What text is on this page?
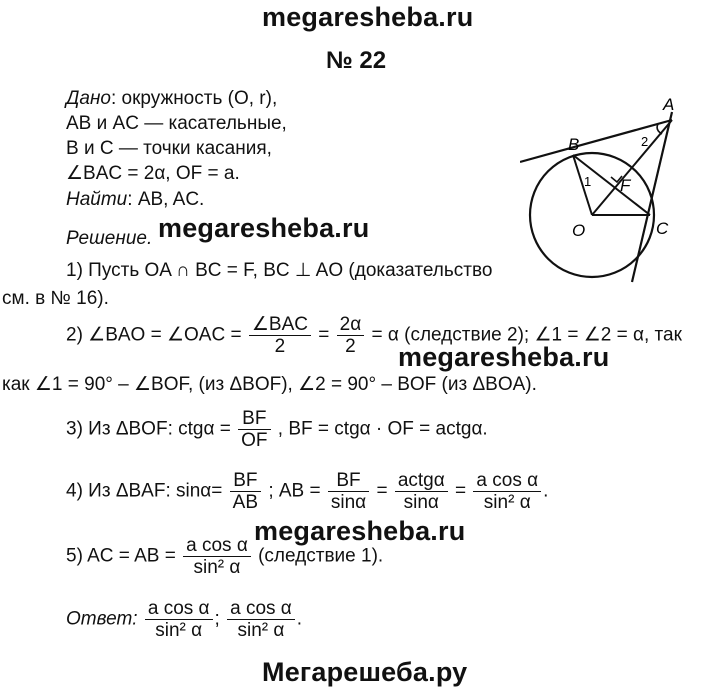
megaresheba.ru
№ 22
Дано: окружность (O, r),
AB и AC — касательные,
B и C — точки касания,
∠BAC = 2α, OF = a.
Найти: AB, AC.
Решение. megaresheba.ru
B
A
C
O
F
1
2
1) Пусть OA ∩ BC = F, BC ⊥ AO (доказательство
см. в № 16).
2) ∠BAO = ∠OAC = $\frac{\text{∠BAC}}{2} = \frac{2\alpha}{2} = \alpha$ (следствие 2); ∠1 = ∠2 = α, так
megaresheba.ru
как ∠1 = 90° – ∠BOF, (из ΔBOF), ∠2 = 90° – BOF (из ΔBOA).
3) Из ΔBOF: $ctg\alpha = \frac{BF}{OF}$ , BF = ctgα · OF = actgα.
4) Из ΔBAF: $\sin\alpha= \frac{BF}{AB}$ ; AB = $\frac{BF}{\sin\alpha} = \frac{\text{actgα}}{\sin\alpha} = \frac{\text{a cos α}}{\text{sin² α}}$ .
megaresheba.ru
5) AC = AB = $\frac{\text{a cos α}}{\text{sin² α}}$ (следствие 1).
Ответ: $\frac{\text{a cos α}}{\text{sin² α}}$ ; $\frac{\text{a cos α}}{\text{sin² α}}$ .
Мегарешеба.ру
